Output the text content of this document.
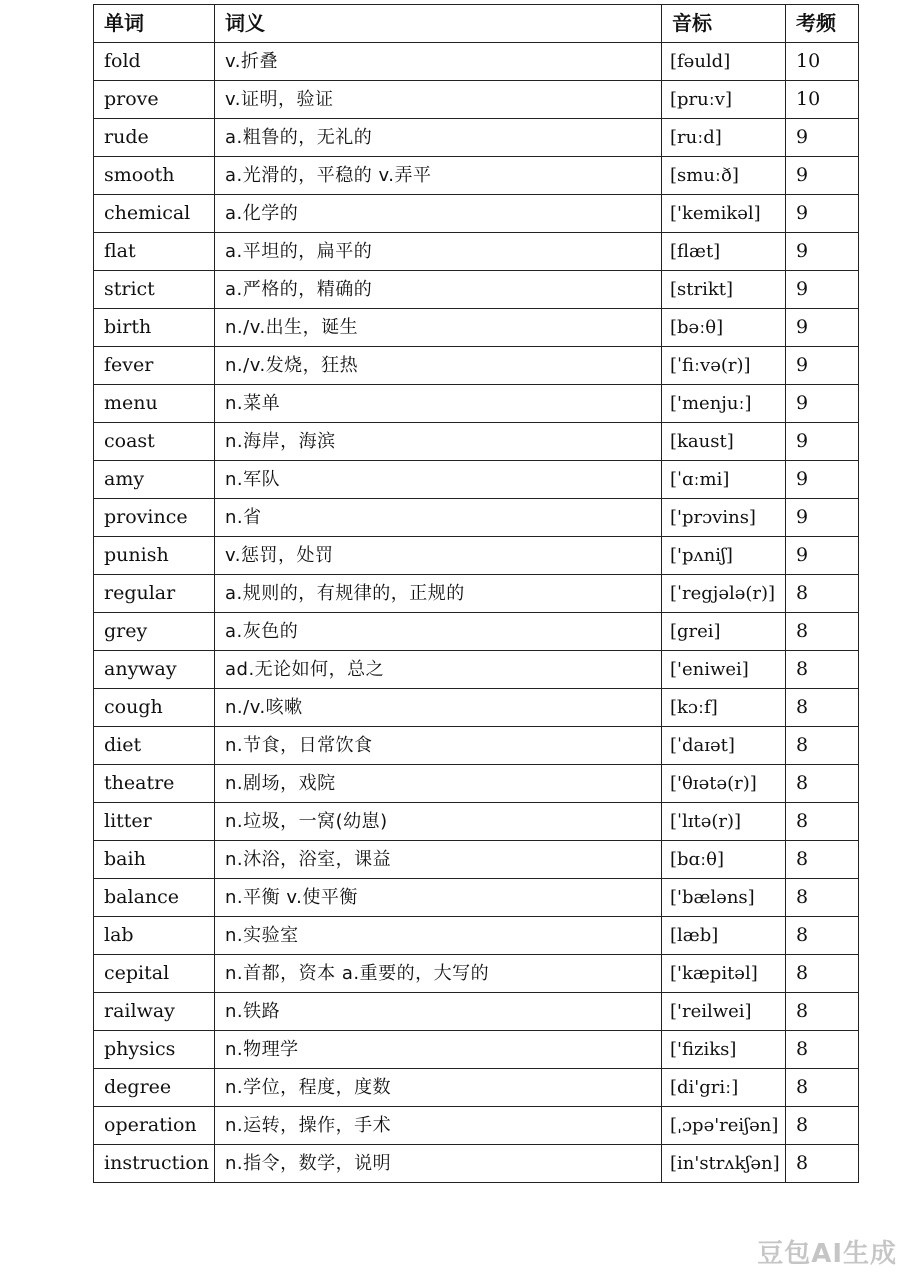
单词	词义	音标	考频
fold	v.折叠	[fəuld]	10
prove	v.证明，验证	[pruːv]	10
rude	a.粗鲁的，无礼的	[ruːd]	9
smooth	a.光滑的，平稳的 v.弄平	[smuːð]	9
chemical	a.化学的	['kemikəl]	9
flat	a.平坦的，扁平的	[flæt]	9
strict	a.严格的，精确的	[strikt]	9
birth	n./v.出生，诞生	[bəːθ]	9
fever	n./v.发烧，狂热	[ˈfiːvə(r)]	9
menu	n.菜单	['menjuː]	9
coast	n.海岸，海滨	[kaust]	9
amy	n.军队	[ˈɑːmi]	9
province	n.省	['prɔvins]	9
punish	v.惩罚，处罚	['pʌniʃ]	9
regular	a.规则的，有规律的，正规的	[ˈregjələ(r)]	8
grey	a.灰色的	[grei]	8
anyway	ad.无论如何，总之	['eniwei]	8
cough	n./v.咳嗽	[kɔːf]	8
diet	n.节食，日常饮食	[ˈdaɪət]	8
theatre	n.剧场，戏院	['θɪətə(r)]	8
litter	n.垃圾，一窝(幼崽)	[ˈlɪtə(r)]	8
baih	n.沐浴，浴室，课益	[bɑːθ]	8
balance	n.平衡 v.使平衡	['bæləns]	8
lab	n.实验室	[læb]	8
cepital	n.首都，资本 a.重要的，大写的	['kæpitəl]	8
railway	n.铁路	['reilwei]	8
physics	n.物理学	['fiziks]	8
degree	n.学位，程度，度数	[di'griː]	8
operation	n.运转，操作，手术	[ˌɔpə'reiʃən]	8
instruction	n.指令，数学，说明	[in'strʌkʃən]	8
豆包AI生成
